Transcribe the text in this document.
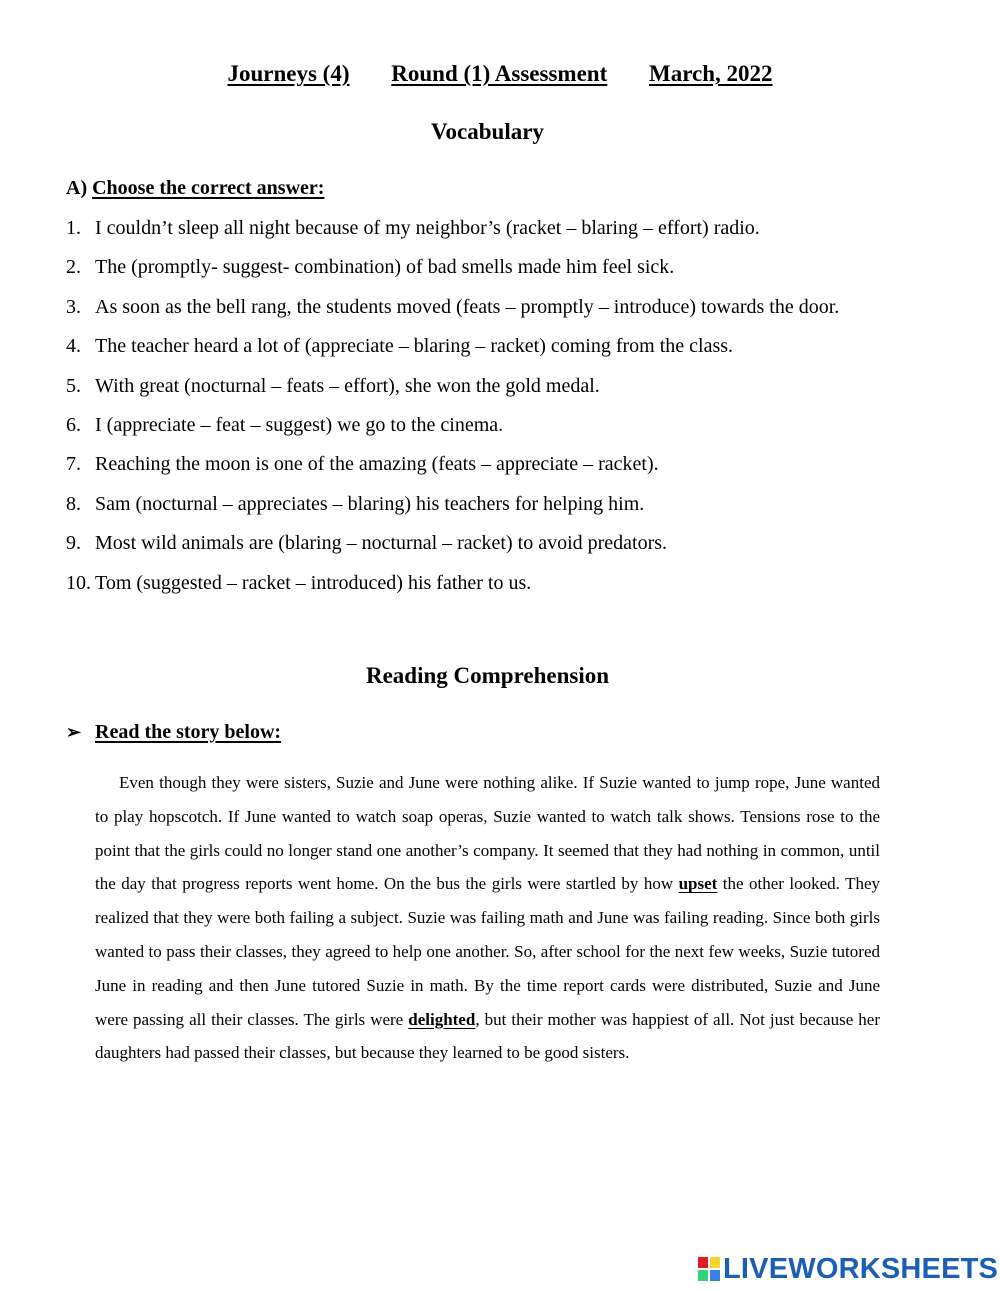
Journeys (4) Round (1) Assessment March, 2022
Vocabulary
A) Choose the correct answer:
1. I couldn’t sleep all night because of my neighbor’s (racket – blaring – effort) radio.
2. The (promptly- suggest- combination) of bad smells made him feel sick.
3. As soon as the bell rang, the students moved (feats – promptly – introduce) towards the door.
4. The teacher heard a lot of (appreciate – blaring – racket) coming from the class.
5. With great (nocturnal – feats – effort), she won the gold medal.
6. I (appreciate – feat – suggest) we go to the cinema.
7. Reaching the moon is one of the amazing (feats – appreciate – racket).
8. Sam (nocturnal – appreciates – blaring) his teachers for helping him.
9. Most wild animals are (blaring – nocturnal – racket) to avoid predators.
10. Tom (suggested – racket – introduced) his father to us.
Reading Comprehension
➢ Read the story below:

Even though they were sisters, Suzie and June were nothing alike. If Suzie wanted to jump rope, June wanted to play hopscotch. If June wanted to watch soap operas, Suzie wanted to watch talk shows. Tensions rose to the point that the girls could no longer stand one another’s company. It seemed that they had nothing in common, until the day that progress reports went home. On the bus the girls were startled by how upset the other looked. They realized that they were both failing a subject. Suzie was failing math and June was failing reading. Since both girls wanted to pass their classes, they agreed to help one another. So, after school for the next few weeks, Suzie tutored June in reading and then June tutored Suzie in math. By the time report cards were distributed, Suzie and June were passing all their classes. The girls were delighted, but their mother was happiest of all. Not just because her daughters had passed their classes, but because they learned to be good sisters.

LIVEWORKSHEETS
